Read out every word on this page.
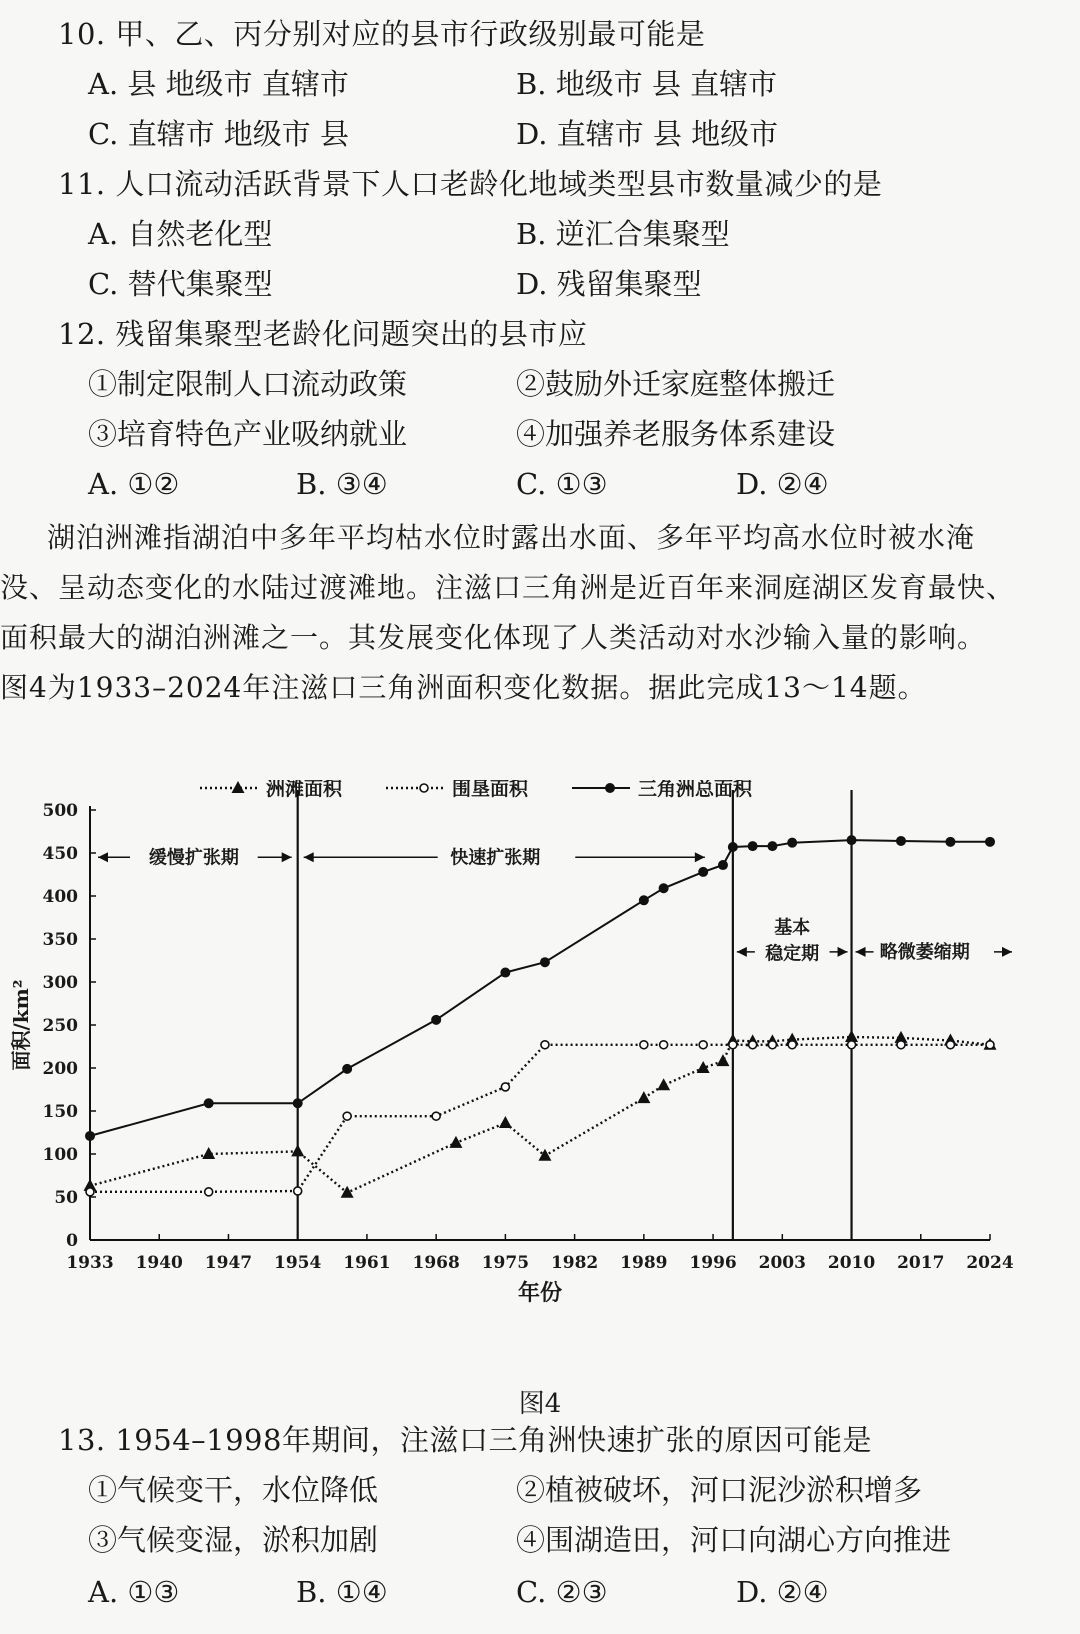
10. 甲、乙、丙分别对应的县市行政级别最可能是
A. 县 地级市 直辖市	B. 地级市 县 直辖市
C. 直辖市 地级市 县	D. 直辖市 县 地级市
11. 人口流动活跃背景下人口老龄化地域类型县市数量减少的是
A. 自然老化型	B. 逆汇合集聚型
C. 替代集聚型	D. 残留集聚型
12. 残留集聚型老龄化问题突出的县市应
①制定限制人口流动政策	②鼓励外迁家庭整体搬迁
③培育特色产业吸纳就业	④加强养老服务体系建设
A. ①②	B. ③④	C. ①③	D. ②④
　湖泊洲滩指湖泊中多年平均枯水位时露出水面、多年平均高水位时被水淹
没、呈动态变化的水陆过渡滩地。注滋口三角洲是近百年来洞庭湖区发育最快、
面积最大的湖泊洲滩之一。其发展变化体现了人类活动对水沙输入量的影响。
图4为1933–2024年注滋口三角洲面积变化数据。据此完成13～14题。
洲滩面积	围垦面积	三角洲总面积
0
50
100
150
200
250
300
350
400
450
500
1933 1940 1947 1954 1961 1968 1975 1982 1989 1996 2003 2010 2017 2024
年份
面积/km²
缓慢扩张期	快速扩张期
基本
稳定期	略微萎缩期
图4
13. 1954–1998年期间，注滋口三角洲快速扩张的原因可能是
①气候变干，水位降低	②植被破坏，河口泥沙淤积增多
③气候变湿，淤积加剧	④围湖造田，河口向湖心方向推进
A. ①③	B. ①④	C. ②③	D. ②④
